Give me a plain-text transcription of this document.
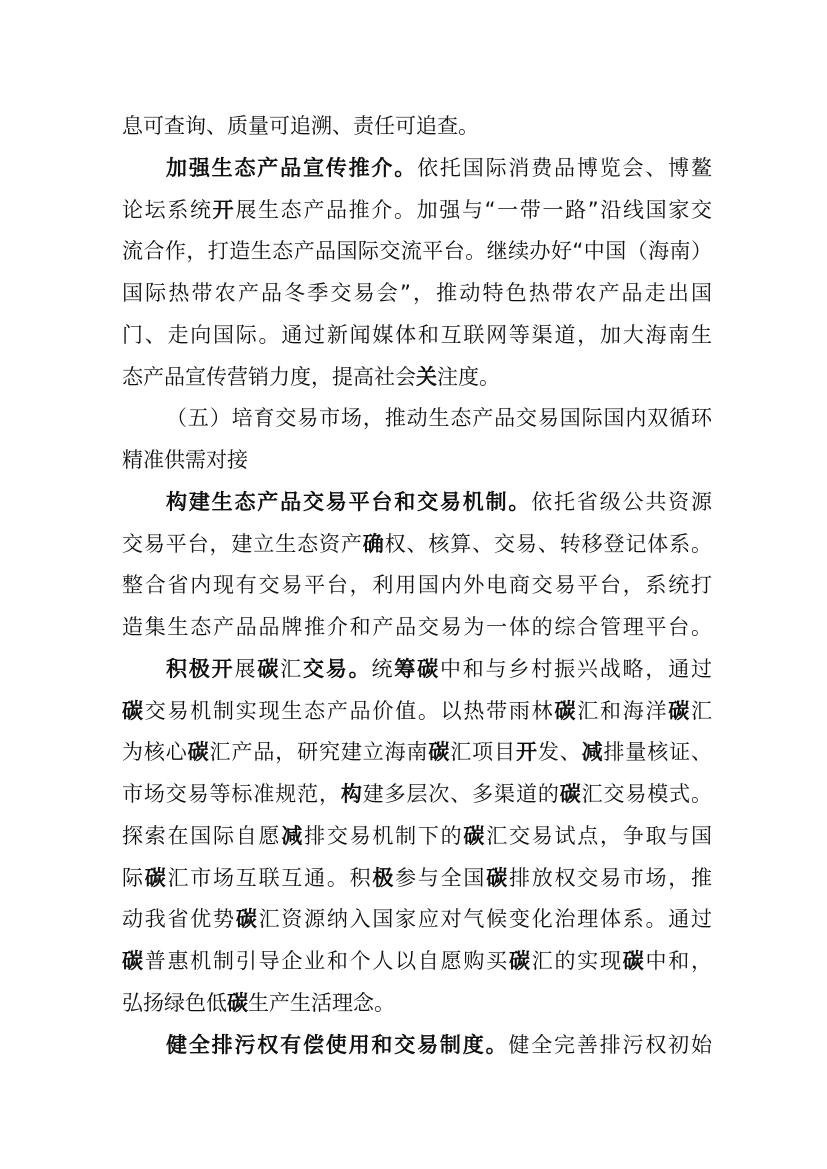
息可查询、质量可追溯、责任可追查。
加强生态产品宣传推介。依托国际消费品博览会、博鳌
论坛系统开展生态产品推介。加强与“一带一路”沿线国家交
流合作，打造生态产品国际交流平台。继续办好“中国（海南）
国际热带农产品冬季交易会”，推动特色热带农产品走出国
门、走向国际。通过新闻媒体和互联网等渠道，加大海南生
态产品宣传营销力度，提高社会关注度。
（五）培育交易市场，推动生态产品交易国际国内双循环
精准供需对接
构建生态产品交易平台和交易机制。依托省级公共资源
交易平台，建立生态资产确权、核算、交易、转移登记体系。
整合省内现有交易平台，利用国内外电商交易平台，系统打
造集生态产品品牌推介和产品交易为一体的综合管理平台。
积极开展碳汇交易。统筹碳中和与乡村振兴战略，通过
碳交易机制实现生态产品价值。以热带雨林碳汇和海洋碳汇
为核心碳汇产品，研究建立海南碳汇项目开发、减排量核证、
市场交易等标准规范，构建多层次、多渠道的碳汇交易模式。
探索在国际自愿减排交易机制下的碳汇交易试点，争取与国
际碳汇市场互联互通。积极参与全国碳排放权交易市场，推
动我省优势碳汇资源纳入国家应对气候变化治理体系。通过
碳普惠机制引导企业和个人以自愿购买碳汇的实现碳中和，
弘扬绿色低碳生产生活理念。
健全排污权有偿使用和交易制度。健全完善排污权初始
